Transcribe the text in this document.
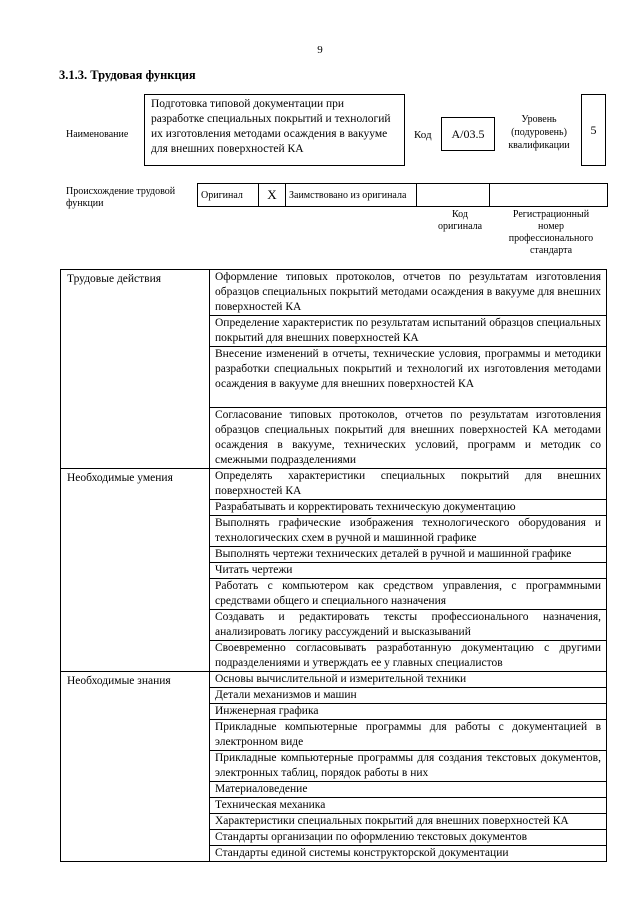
9
3.1.3. Трудовая функция
Наименование
Подготовка типовой документации при разработке специальных покрытий и технологий их изготовления методами осаждения в вакууме для внешних поверхностей КА
Код	А/03.5
Уровень (подуровень) квалификации
5
Происхождение трудовой функции
Оригинал	X	Заимствовано из оригинала		
Код оригинала
Регистрационный номер профессионального стандарта
Трудовые действия	Оформление типовых протоколов, отчетов по результатам изготовления образцов специальных покрытий методами осаждения в вакууме для внешних поверхностей КА
	Определение характеристик по результатам испытаний образцов специальных покрытий для внешних поверхностей КА
	Внесение изменений в отчеты, технические условия, программы и методики разработки специальных покрытий и технологий их изготовления методами осаждения в вакууме для внешних поверхностей КА
	Согласование типовых протоколов, отчетов по результатам изготовления образцов специальных покрытий для внешних поверхностей КА методами осаждения в вакууме, технических условий, программ и методик со смежными подразделениями
Необходимые умения	Определять характеристики специальных покрытий для внешних поверхностей КА
	Разрабатывать и корректировать техническую документацию
	Выполнять графические изображения технологического оборудования и технологических схем в ручной и машинной графике
	Выполнять чертежи технических деталей в ручной и машинной графике
	Читать чертежи
	Работать с компьютером как средством управления, с программными средствами общего и специального назначения
	Создавать и редактировать тексты профессионального назначения, анализировать логику рассуждений и высказываний
	Своевременно согласовывать разработанную документацию с другими подразделениями и утверждать ее у главных специалистов
Необходимые знания	Основы вычислительной и измерительной техники
	Детали механизмов и машин
	Инженерная графика
	Прикладные компьютерные программы для работы с документацией в электронном виде
	Прикладные компьютерные программы для создания текстовых документов, электронных таблиц, порядок работы в них
	Материаловедение
	Техническая механика
	Характеристики специальных покрытий для внешних поверхностей КА
	Стандарты организации по оформлению текстовых документов
	Стандарты единой системы конструкторской документации
